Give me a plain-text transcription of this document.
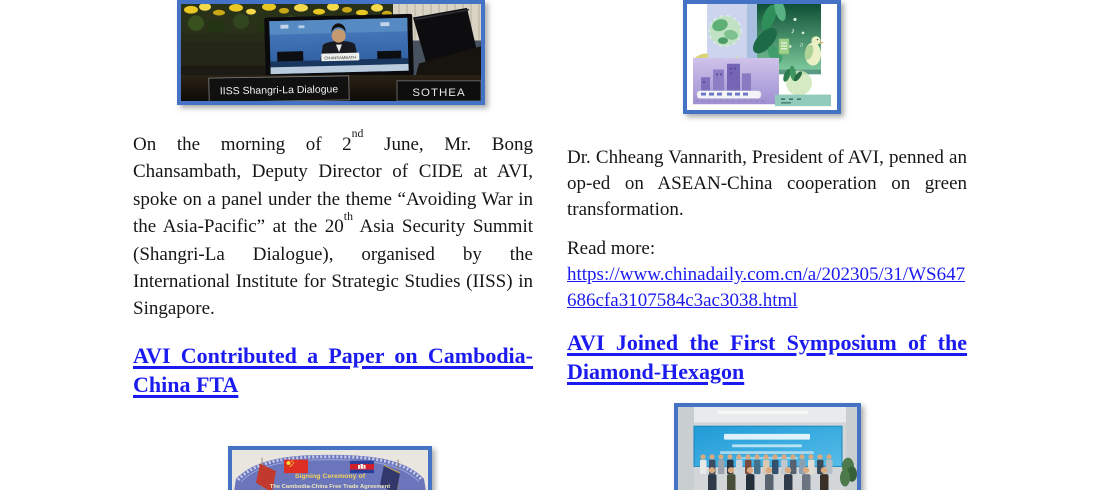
CHANSAMBATH
IISS Shangri-La Dialogue	SOTHEA
♪
♫

On the morning of 2nd June, Mr. Bong Chansambath, Deputy Director of CIDE at AVI, spoke on a panel under the theme “Avoiding War in the Asia-Pacific” at the 20th Asia Security Summit (Shangri-La Dialogue), organised by the International Institute for Strategic Studies (IISS) in Singapore.

AVI Contributed a Paper on Cambodia-China FTA

Dr. Chheang Vannarith, President of AVI, penned an op-ed on ASEAN-China cooperation on green transformation.

Read more:
https://www.chinadaily.com.cn/a/202305/31/WS647686cfa3107584c3ac3038.html

AVI Joined the First Symposium of the Diamond-Hexagon
Signing Ceremony of
The Cambodia-China Free Trade Agreement
